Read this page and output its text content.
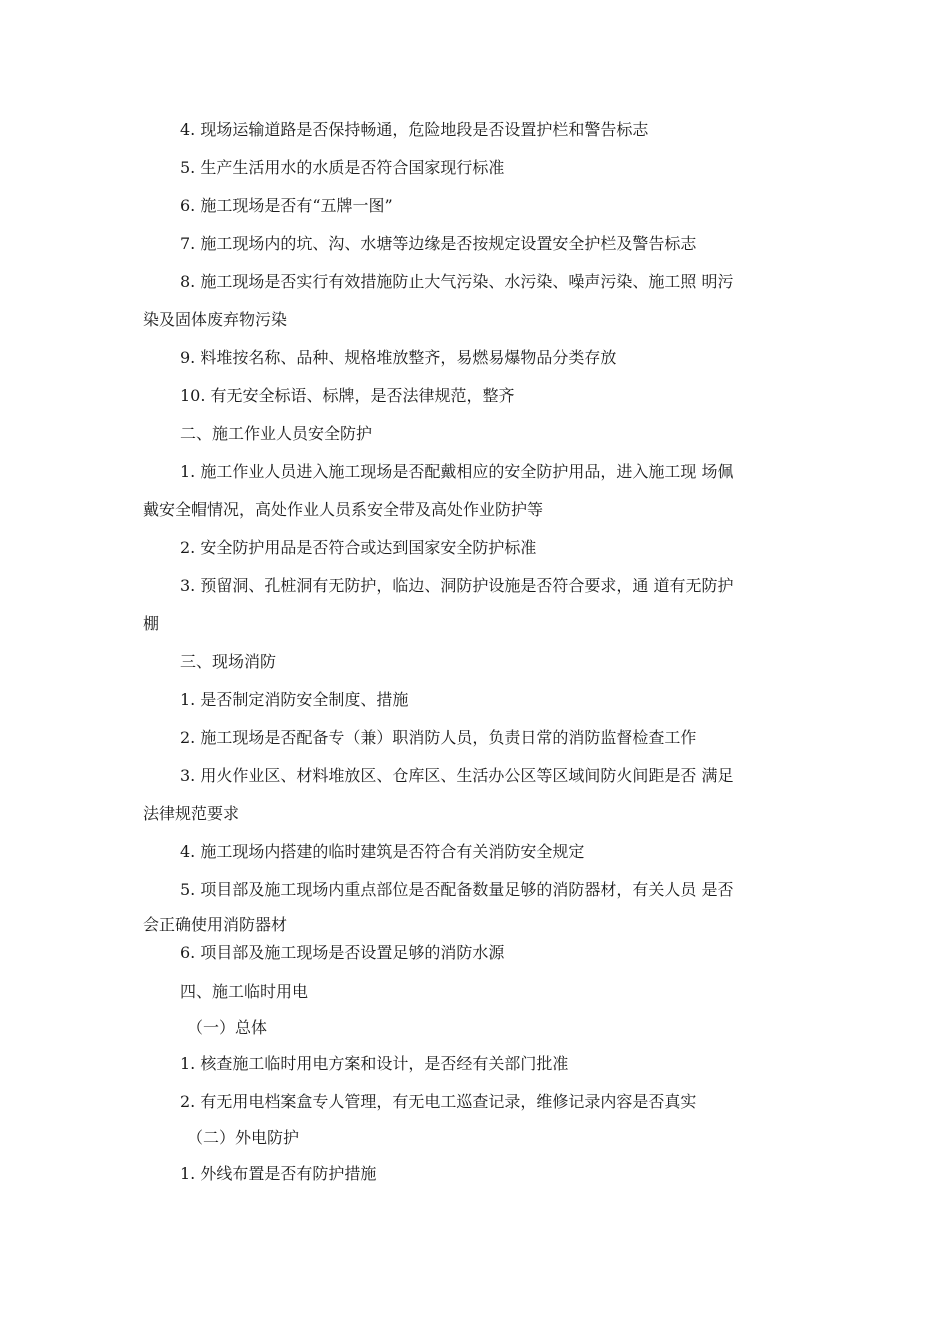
4. 现场运输道路是否保持畅通，危险地段是否设置护栏和警告标志
5. 生产生活用水的水质是否符合国家现行标准
6. 施工现场是否有“五牌一图”
7. 施工现场内的坑、沟、水塘等边缘是否按规定设置安全护栏及警告标志
8. 施工现场是否实行有效措施防止大气污染、水污染、噪声污染、施工照 明污
染及固体废弃物污染
9. 料堆按名称、品种、规格堆放整齐，易燃易爆物品分类存放
10. 有无安全标语、标牌，是否法律规范，整齐
二、施工作业人员安全防护
1. 施工作业人员进入施工现场是否配戴相应的安全防护用品，进入施工现 场佩
戴安全帽情况，高处作业人员系安全带及高处作业防护等
2. 安全防护用品是否符合或达到国家安全防护标准
3. 预留洞、孔桩洞有无防护，临边、洞防护设施是否符合要求，通 道有无防护
棚
三、现场消防
1. 是否制定消防安全制度、措施
2. 施工现场是否配备专（兼）职消防人员，负责日常的消防监督检查工作
3. 用火作业区、材料堆放区、仓库区、生活办公区等区域间防火间距是否 满足
法律规范要求
4. 施工现场内搭建的临时建筑是否符合有关消防安全规定
5. 项目部及施工现场内重点部位是否配备数量足够的消防器材，有关人员 是否
会正确使用消防器材
6. 项目部及施工现场是否设置足够的消防水源
四、施工临时用电
（一）总体
1. 核查施工临时用电方案和设计，是否经有关部门批准
2. 有无用电档案盒专人管理，有无电工巡查记录，维修记录内容是否真实
（二）外电防护
1. 外线布置是否有防护措施
